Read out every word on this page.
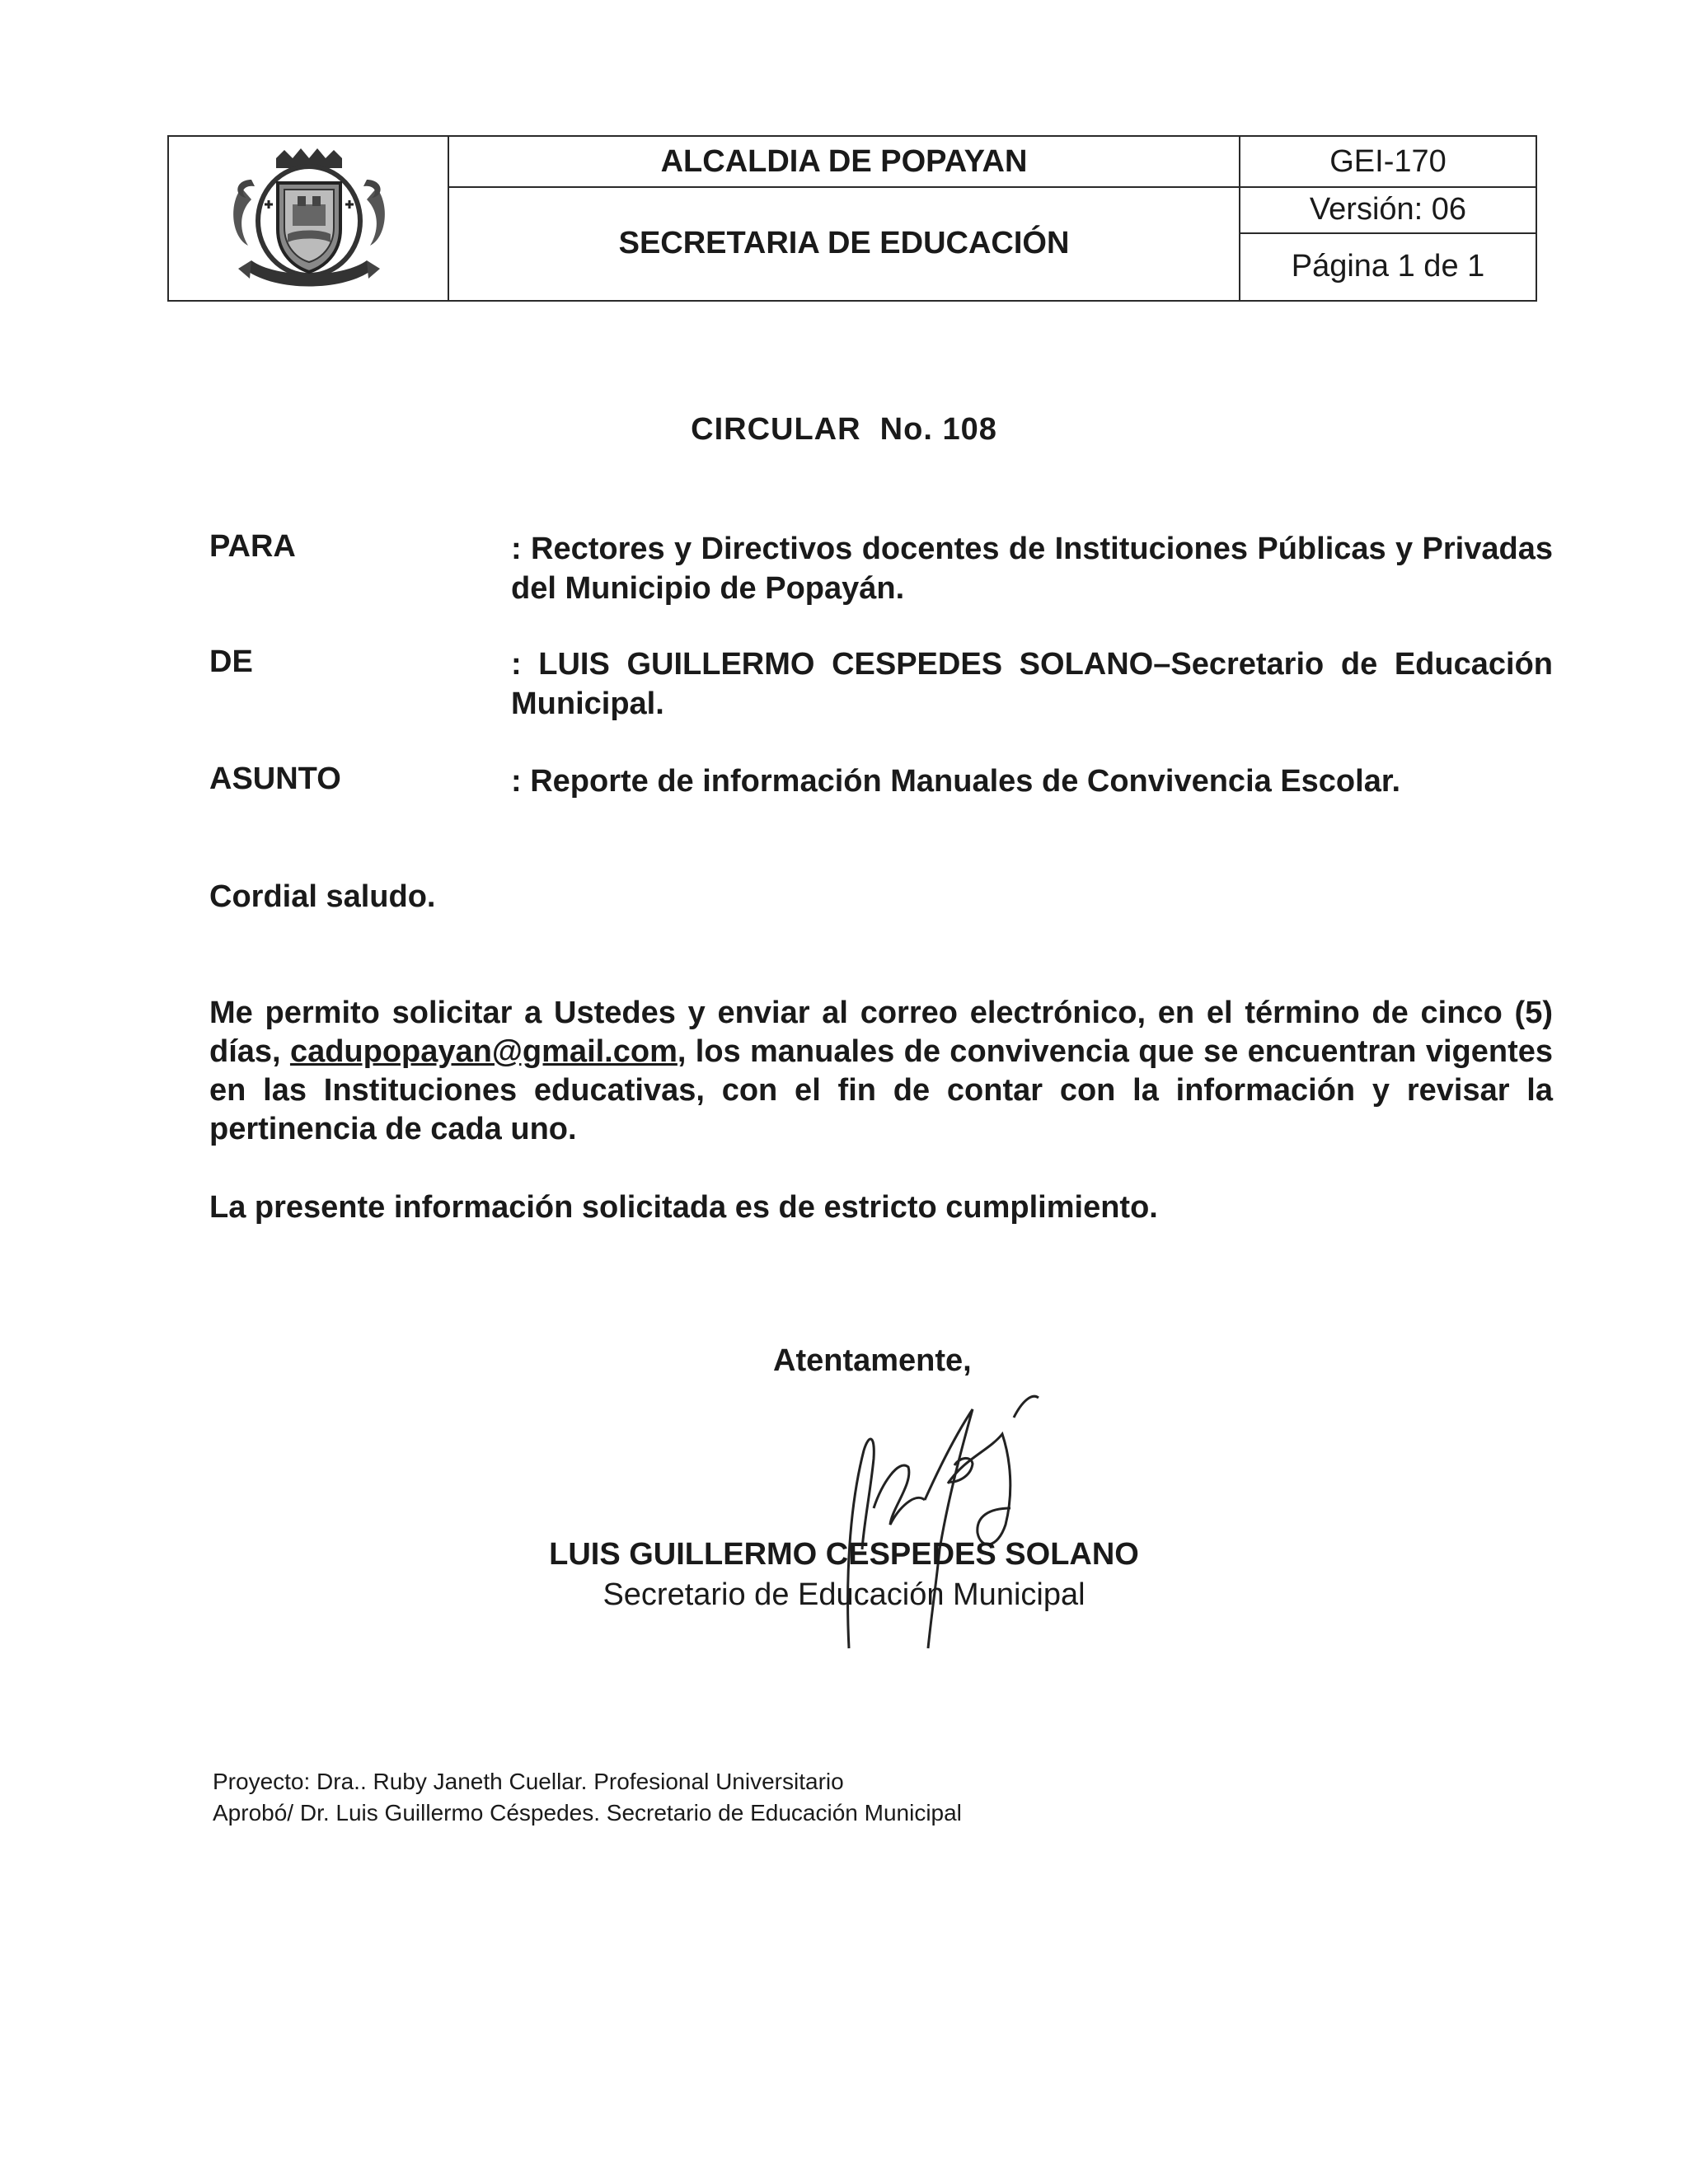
ALCALDIA DE POPAYAN
SECRETARIA DE EDUCACIÓN
GEI-170
Versión: 06
Página 1 de 1
CIRCULAR  No. 108
PARA	: Rectores y Directivos docentes de Instituciones Públicas y Privadas del Municipio de Popayán.
DE	: LUIS GUILLERMO CESPEDES SOLANO–Secretario de Educación Municipal.
ASUNTO	: Reporte de información Manuales de Convivencia Escolar.
Cordial saludo.
Me permito solicitar a Ustedes y enviar al correo electrónico, en el término de cinco (5) días, cadupopayan@gmail.com, los manuales de convivencia que se encuentran vigentes en las Instituciones educativas, con el fin de contar con la información y revisar la pertinencia de cada uno.
La presente información solicitada es de estricto cumplimiento.
Atentamente,
LUIS GUILLERMO CESPEDES SOLANO
Secretario de Educación Municipal
Proyecto: Dra.. Ruby Janeth Cuellar. Profesional Universitario
Aprobó/ Dr. Luis Guillermo Céspedes. Secretario de Educación Municipal
